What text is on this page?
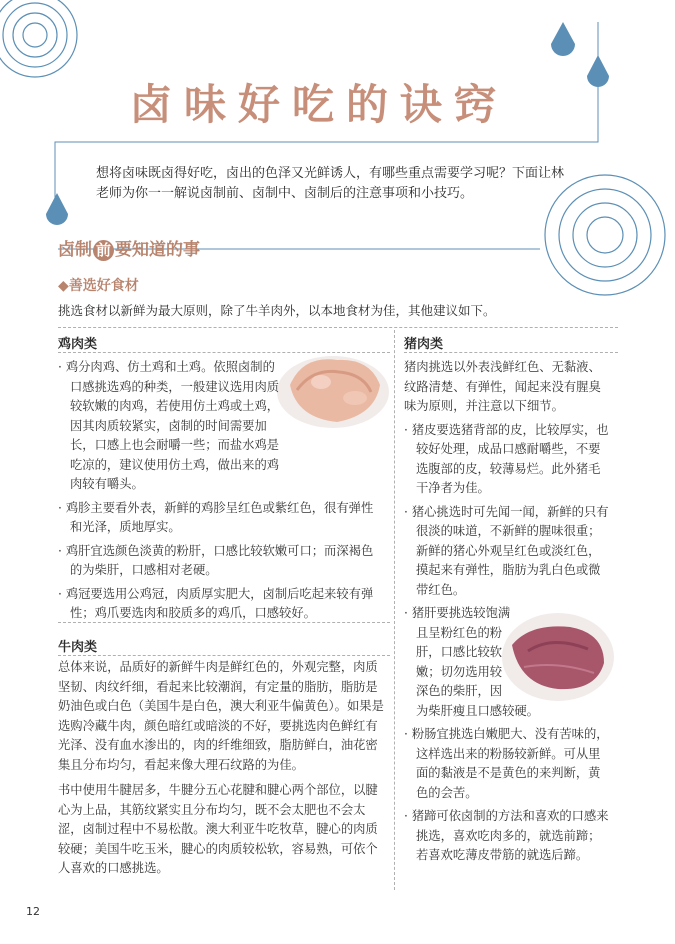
卤味好吃的诀窍
想将卤味既卤得好吃，卤出的色泽又光鲜诱人，有哪些重点需要学习呢？下面让林老师为你一一解说卤制前、卤制中、卤制后的注意事项和小技巧。
卤制 前 要知道的事
◆善选好食材
挑选食材以新鲜为最大原则，除了牛羊肉外，以本地食材为佳，其他建议如下。
鸡肉类
· 鸡分肉鸡、仿土鸡和土鸡。依照卤制的口感挑选鸡的种类，一般建议选用肉质较软嫩的肉鸡，若使用仿土鸡或土鸡，因其肉质较紧实，卤制的时间需要加长，口感上也会耐嚼一些；而盐水鸡是吃凉的，建议使用仿土鸡，做出来的鸡肉较有嚼头。
· 鸡胗主要看外表，新鲜的鸡胗呈红色或紫红色，很有弹性和光泽，质地厚实。
· 鸡肝宜选颜色淡黄的粉肝，口感比较软嫩可口；而深褐色的为柴肝，口感相对老硬。
· 鸡冠要选用公鸡冠，肉质厚实肥大，卤制后吃起来较有弹性；鸡爪要选肉和胶质多的鸡爪，口感较好。
牛肉类
总体来说，品质好的新鲜牛肉是鲜红色的，外观完整，肉质坚韧、肉纹纤细，看起来比较潮润，有定量的脂肪，脂肪是奶油色或白色（美国牛是白色，澳大利亚牛偏黄色）。如果是选购冷藏牛肉，颜色暗红或暗淡的不好，要挑选肉色鲜红有光泽、没有血水渗出的，肉的纤维细致，脂肪鲜白，油花密集且分布均匀，看起来像大理石纹路的为佳。
书中使用牛腱居多，牛腱分五心花腱和腱心两个部位，以腱心为上品，其筋纹紧实且分布均匀，既不会太肥也不会太涩，卤制过程中不易松散。澳大利亚牛吃牧草，腱心的肉质较硬；美国牛吃玉米，腱心的肉质较松软，容易熟，可依个人喜欢的口感挑选。
猪肉类
猪肉挑选以外表浅鲜红色、无黏液、纹路清楚、有弹性，闻起来没有腥臭味为原则，并注意以下细节。
· 猪皮要选猪背部的皮，比较厚实，也较好处理，成品口感耐嚼些，不要选腹部的皮，较薄易烂。此外猪毛干净者为佳。
· 猪心挑选时可先闻一闻，新鲜的只有很淡的味道，不新鲜的腥味很重；新鲜的猪心外观呈红色或淡红色，摸起来有弹性，脂肪为乳白色或微带红色。
· 猪肝要挑选较饱满且呈粉红色的粉肝，口感比较软嫩；切勿选用较深色的柴肝，因为柴肝瘦且口感较硬。
· 粉肠宜挑选白嫩肥大、没有苦味的，这样选出来的粉肠较新鲜。可从里面的黏液是不是黄色的来判断，黄色的会苦。
· 猪蹄可依卤制的方法和喜欢的口感来挑选，喜欢吃肉多的，就选前蹄；若喜欢吃薄皮带筋的就选后蹄。
12
